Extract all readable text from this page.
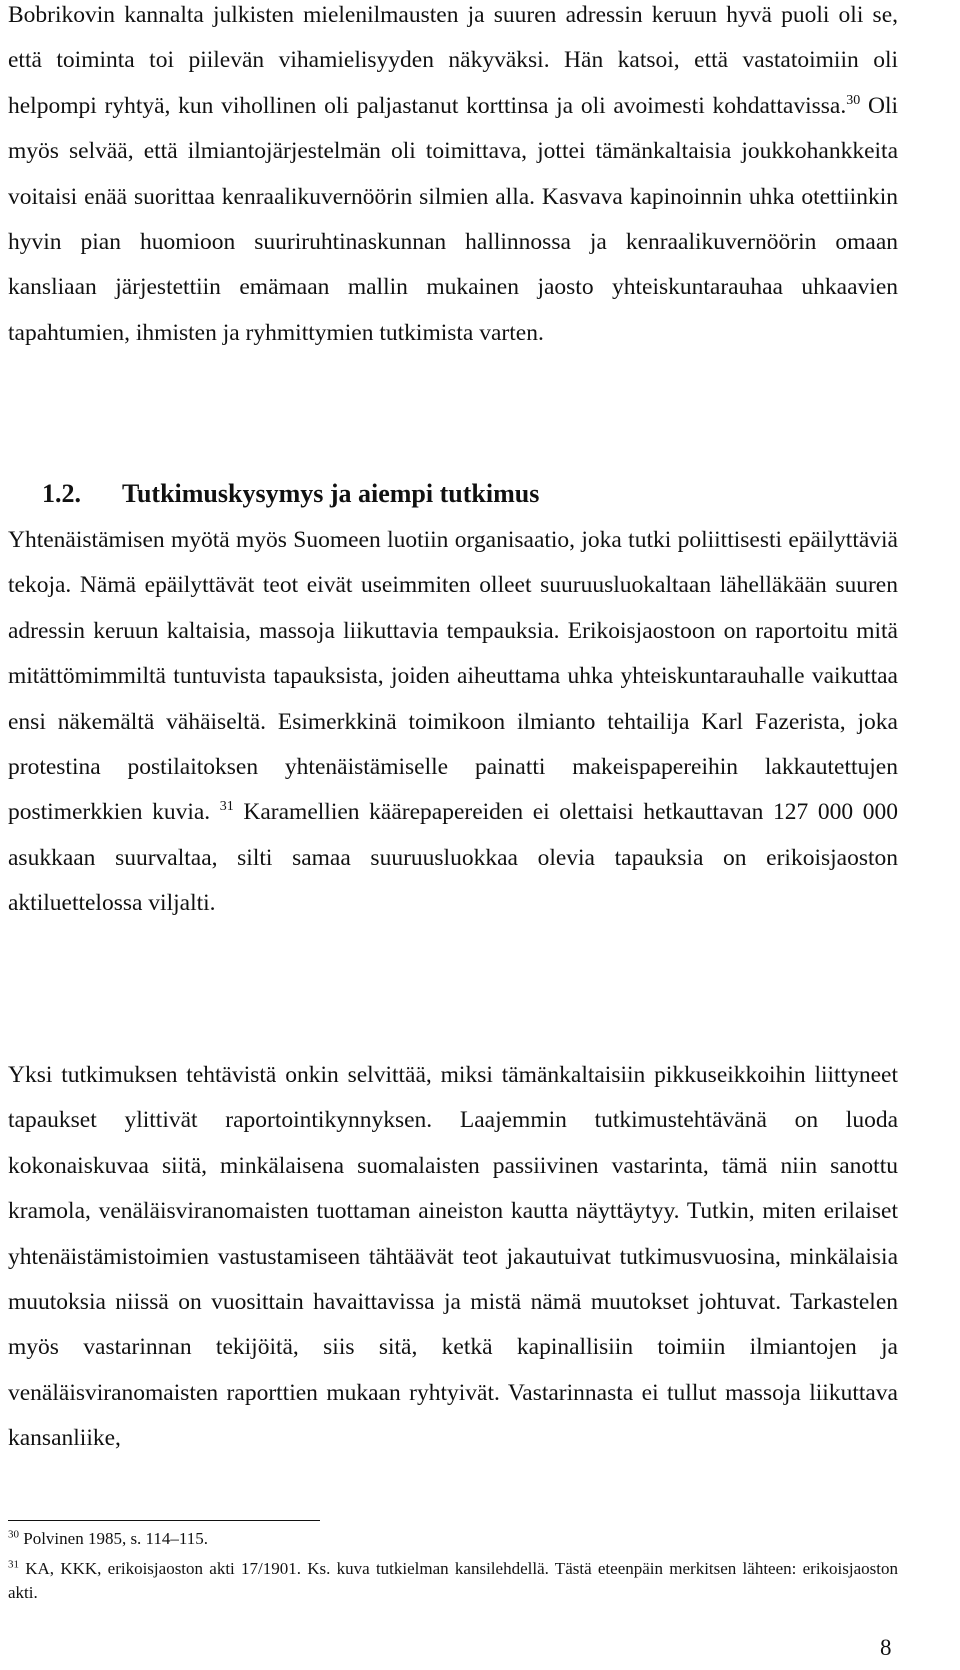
Bobrikovin kannalta julkisten mielenilmausten ja suuren adressin keruun hyvä puoli oli se, että toiminta toi piilevän vihamielisyyden näkyväksi. Hän katsoi, että vastatoimiin oli helpompi ryhtyä, kun vihollinen oli paljastanut korttinsa ja oli avoimesti kohdattavissa.$^{30}$ Oli myös selvää, että ilmiantojärjestelmän oli toimittava, jottei tämänkaltaisia joukkohankkeita voitaisi enää suorittaa kenraalikuvernöörin silmien alla. Kasvava kapinoinnin uhka otettiinkin hyvin pian huomioon suuriruhtinaskunnan hallinnossa ja kenraalikuvernöörin omaan kansliaan järjestettiin emämaan mallin mukainen jaosto yhteiskuntarauhaa uhkaavien tapahtumien, ihmisten ja ryhmittymien tutkimista varten.

1.2. Tutkimuskysymys ja aiempi tutkimus

Yhtenäistämisen myötä myös Suomeen luotiin organisaatio, joka tutki poliittisesti epäilyttäviä tekoja. Nämä epäilyttävät teot eivät useimmiten olleet suuruusluokaltaan lähelläkään suuren adressin keruun kaltaisia, massoja liikuttavia tempauksia. Erikoisjaostoon on raportoitu mitä mitättömimmiltä tuntuvista tapauksista, joiden aiheuttama uhka yhteiskuntarauhalle vaikuttaa ensi näkemältä vähäiseltä. Esimerkkinä toimikoon ilmianto tehtailija Karl Fazerista, joka protestina postilaitoksen yhtenäistämiselle painatti makeispapereihin lakkautettujen postimerkkien kuvia. $^{31}$ Karamellien käärepapereiden ei olettaisi hetkauttavan 127 000 000 asukkaan suurvaltaa, silti samaa suuruusluokkaa olevia tapauksia on erikoisjaoston aktiluettelossa viljalti.

Yksi tutkimuksen tehtävistä onkin selvittää, miksi tämänkaltaisiin pikkuseikkoihin liittyneet tapaukset ylittivät raportointikynnyksen. Laajemmin tutkimustehtävänä on luoda kokonaiskuvaa siitä, minkälaisena suomalaisten passiivinen vastarinta, tämä niin sanottu kramola, venäläisviranomaisten tuottaman aineiston kautta näyttäytyy. Tutkin, miten erilaiset yhtenäistämistoimien vastustamiseen tähtäävät teot jakautuivat tutkimusvuosina, minkälaisia muutoksia niissä on vuosittain havaittavissa ja mistä nämä muutokset johtuvat. Tarkastelen myös vastarinnan tekijöitä, siis sitä, ketkä kapinallisiin toimiin ilmiantojen ja venäläisviranomaisten raporttien mukaan ryhtyivät. Vastarinnasta ei tullut massoja liikuttava kansanliike,

$^{30}$ Polvinen 1985, s. 114–115.

$^{31}$ KA, KKK, erikoisjaoston akti 17/1901. Ks. kuva tutkielman kansilehdellä. Tästä eteenpäin merkitsen lähteen: erikoisjaoston akti.

8
